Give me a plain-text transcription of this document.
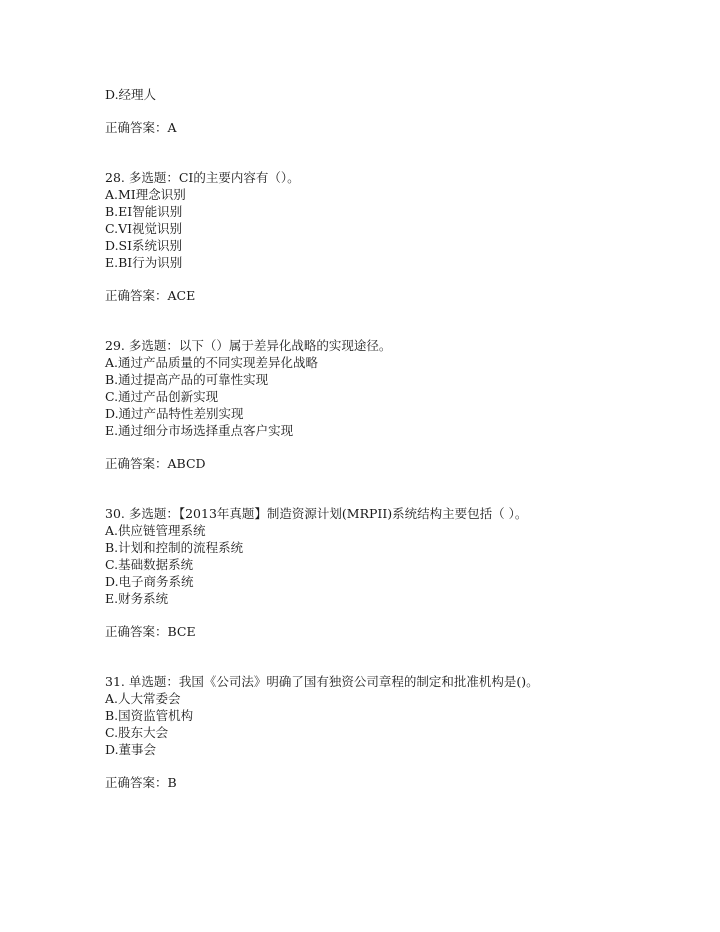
D.经理人
正确答案：A
28. 多选题：CI的主要内容有（）。
A.MI理念识别
B.EI智能识别
C.VI视觉识别
D.SI系统识别
E.BI行为识别
正确答案：ACE
29. 多选题：以下（）属于差异化战略的实现途径。
A.通过产品质量的不同实现差异化战略
B.通过提高产品的可靠性实现
C.通过产品创新实现
D.通过产品特性差别实现
E.通过细分市场选择重点客户实现
正确答案：ABCD
30. 多选题：【2013年真题】制造资源计划(MRPII)系统结构主要包括（ ）。
A.供应链管理系统
B.计划和控制的流程系统
C.基础数据系统
D.电子商务系统
E.财务系统
正确答案：BCE
31. 单选题：我国《公司法》明确了国有独资公司章程的制定和批准机构是()。
A.人大常委会
B.国资监管机构
C.股东大会
D.董事会
正确答案：B
